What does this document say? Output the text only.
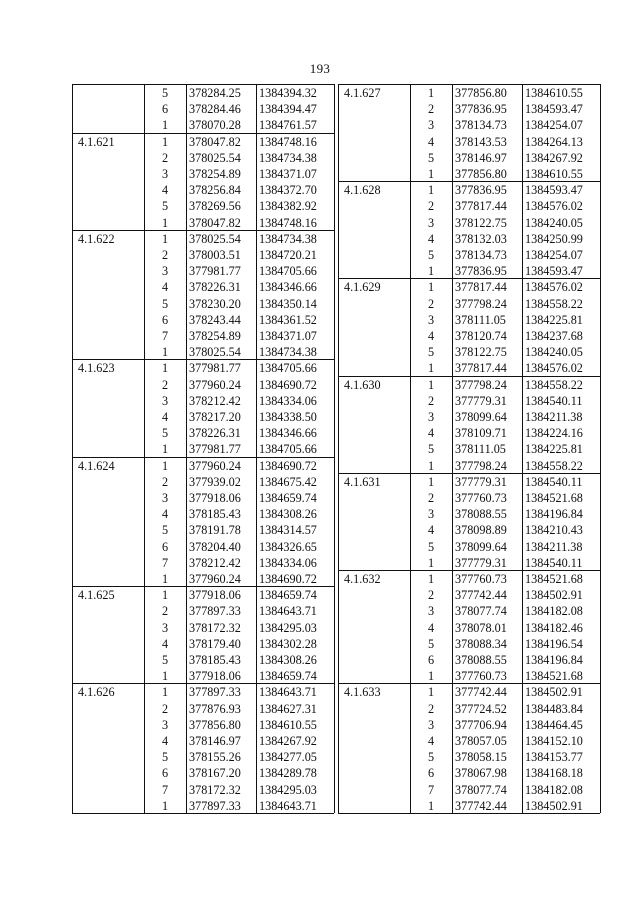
193
5	378284.25	1384394.32
6	378284.46	1384394.47
1	378070.28	1384761.57
4.1.621	1	378047.82	1384748.16
2	378025.54	1384734.38
3	378254.89	1384371.07
4	378256.84	1384372.70
5	378269.56	1384382.92
1	378047.82	1384748.16
4.1.622	1	378025.54	1384734.38
2	378003.51	1384720.21
3	377981.77	1384705.66
4	378226.31	1384346.66
5	378230.20	1384350.14
6	378243.44	1384361.52
7	378254.89	1384371.07
1	378025.54	1384734.38
4.1.623	1	377981.77	1384705.66
2	377960.24	1384690.72
3	378212.42	1384334.06
4	378217.20	1384338.50
5	378226.31	1384346.66
1	377981.77	1384705.66
4.1.624	1	377960.24	1384690.72
2	377939.02	1384675.42
3	377918.06	1384659.74
4	378185.43	1384308.26
5	378191.78	1384314.57
6	378204.40	1384326.65
7	378212.42	1384334.06
1	377960.24	1384690.72
4.1.625	1	377918.06	1384659.74
2	377897.33	1384643.71
3	378172.32	1384295.03
4	378179.40	1384302.28
5	378185.43	1384308.26
1	377918.06	1384659.74
4.1.626	1	377897.33	1384643.71
2	377876.93	1384627.31
3	377856.80	1384610.55
4	378146.97	1384267.92
5	378155.26	1384277.05
6	378167.20	1384289.78
7	378172.32	1384295.03
1	377897.33	1384643.71
4.1.627	1	377856.80	1384610.55
2	377836.95	1384593.47
3	378134.73	1384254.07
4	378143.53	1384264.13
5	378146.97	1384267.92
1	377856.80	1384610.55
4.1.628	1	377836.95	1384593.47
2	377817.44	1384576.02
3	378122.75	1384240.05
4	378132.03	1384250.99
5	378134.73	1384254.07
1	377836.95	1384593.47
4.1.629	1	377817.44	1384576.02
2	377798.24	1384558.22
3	378111.05	1384225.81
4	378120.74	1384237.68
5	378122.75	1384240.05
1	377817.44	1384576.02
4.1.630	1	377798.24	1384558.22
2	377779.31	1384540.11
3	378099.64	1384211.38
4	378109.71	1384224.16
5	378111.05	1384225.81
1	377798.24	1384558.22
4.1.631	1	377779.31	1384540.11
2	377760.73	1384521.68
3	378088.55	1384196.84
4	378098.89	1384210.43
5	378099.64	1384211.38
1	377779.31	1384540.11
4.1.632	1	377760.73	1384521.68
2	377742.44	1384502.91
3	378077.74	1384182.08
4	378078.01	1384182.46
5	378088.34	1384196.54
6	378088.55	1384196.84
1	377760.73	1384521.68
4.1.633	1	377742.44	1384502.91
2	377724.52	1384483.84
3	377706.94	1384464.45
4	378057.05	1384152.10
5	378058.15	1384153.77
6	378067.98	1384168.18
7	378077.74	1384182.08
1	377742.44	1384502.91
